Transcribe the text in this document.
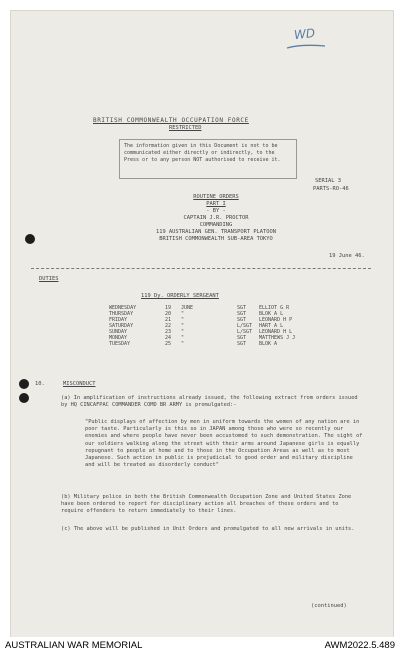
WD
BRITISH COMMONWEALTH OCCUPATION FORCE
RESTRICTED
The information given in this Document is not to be communicated either directly or indirectly, to the Press or to any person NOT authorised to receive it.
SERIAL 3
PARTS-RO-46
ROUTINE ORDERS
PART I
- BY -
CAPTAIN J.R. PROCTOR
COMMANDING
119 AUSTRALIAN GEN. TRANSPORT PLATOON
BRITISH COMMONWEALTH SUB-AREA TOKYO
19 June 46.
DUTIES
119 Dy. ORDERLY SERGEANT
WEDNESDAY	19	JUNE	SGT	ELLIOT G R
THURSDAY	20	"	SGT	BLOK A L
FRIDAY	21	"	SGT	LEONARD H P
SATURDAY	22	"	L/SGT	HART A L
SUNDAY	23	"	L/SGT	LEONARD H L
MONDAY	24	"	SGT	MATTHEWS J J
TUESDAY	25	"	SGT	BLOK A
10.	MISCONDUCT
(a) In amplification of instructions already issued, the following extract from orders issued by HQ CINCAFPAC COMMANDER COMD BR ARMY is promulgated:-
"Public displays of affection by men in uniform towards the women of any nation are in poor taste. Particularly is this so in JAPAN among those who were so recently our enemies and where people have never been accustomed to such demonstration. The sight of our soldiers walking along the street with their arms around Japanese girls is equally repugnant to people at home and to those in the Occupation Areas as well as to most Japanese. Such action in public is prejudicial to good order and military discipline and will be treated as disorderly conduct"
(b) Military police in both the British Commonwealth Occupation Zone and United States Zone have been ordered to report for disciplinary action all breaches of these orders and to require offenders to return immediately to their lines.
(c) The above will be published in Unit Orders and promulgated to all new arrivals in units.
(continued)
AUSTRALIAN WAR MEMORIAL	AWM2022.5.489
